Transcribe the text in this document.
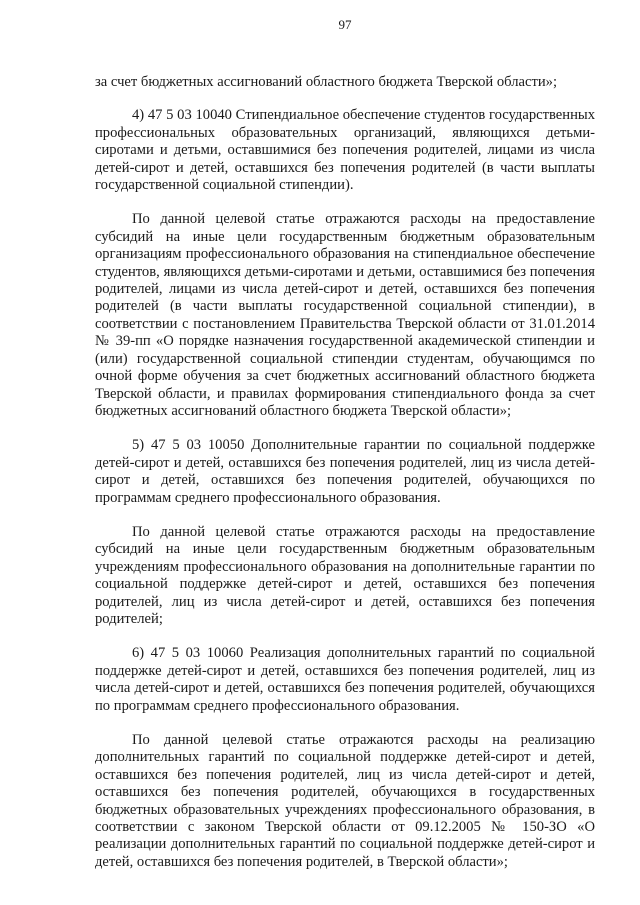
97

за счет бюджетных ассигнований областного бюджета Тверской области»;

4) 47 5 03 10040 Стипендиальное обеспечение студентов государственных профессиональных образовательных организаций, являющихся детьми-сиротами и детьми, оставшимися без попечения родителей, лицами из числа детей-сирот и детей, оставшихся без попечения родителей (в части выплаты государственной социальной стипендии).

По данной целевой статье отражаются расходы на предоставление субсидий на иные цели государственным бюджетным образовательным организациям профессионального образования на стипендиальное обеспечение студентов, являющихся детьми-сиротами и детьми, оставшимися без попечения родителей, лицами из числа детей-сирот и детей, оставшихся без попечения родителей (в части выплаты государственной социальной стипендии), в соответствии с постановлением Правительства Тверской области от 31.01.2014 № 39-пп «О порядке назначения государственной академической стипендии и (или) государственной социальной стипендии студентам, обучающимся по очной форме обучения за счет бюджетных ассигнований областного бюджета Тверской области, и правилах формирования стипендиального фонда за счет бюджетных ассигнований областного бюджета Тверской области»;

5) 47 5 03 10050 Дополнительные гарантии по социальной поддержке детей-сирот и детей, оставшихся без попечения родителей, лиц из числа детей-сирот и детей, оставшихся без попечения родителей, обучающихся по программам среднего профессионального образования.

По данной целевой статье отражаются расходы на предоставление субсидий на иные цели государственным бюджетным образовательным учреждениям профессионального образования на дополнительные гарантии по социальной поддержке детей-сирот и детей, оставшихся без попечения родителей, лиц из числа детей-сирот и детей, оставшихся без попечения родителей;

6) 47 5 03 10060 Реализация дополнительных гарантий по социальной поддержке детей-сирот и детей, оставшихся без попечения родителей, лиц из числа детей-сирот и детей, оставшихся без попечения родителей, обучающихся по программам среднего профессионального образования.

По данной целевой статье отражаются расходы на реализацию дополнительных гарантий по социальной поддержке детей-сирот и детей, оставшихся без попечения родителей, лиц из числа детей-сирот и детей, оставшихся без попечения родителей, обучающихся в государственных бюджетных образовательных учреждениях профессионального образования, в соответствии с законом Тверской области от 09.12.2005 № 150-ЗО «О реализации дополнительных гарантий по социальной поддержке детей-сирот и детей, оставшихся без попечения родителей, в Тверской области»;
